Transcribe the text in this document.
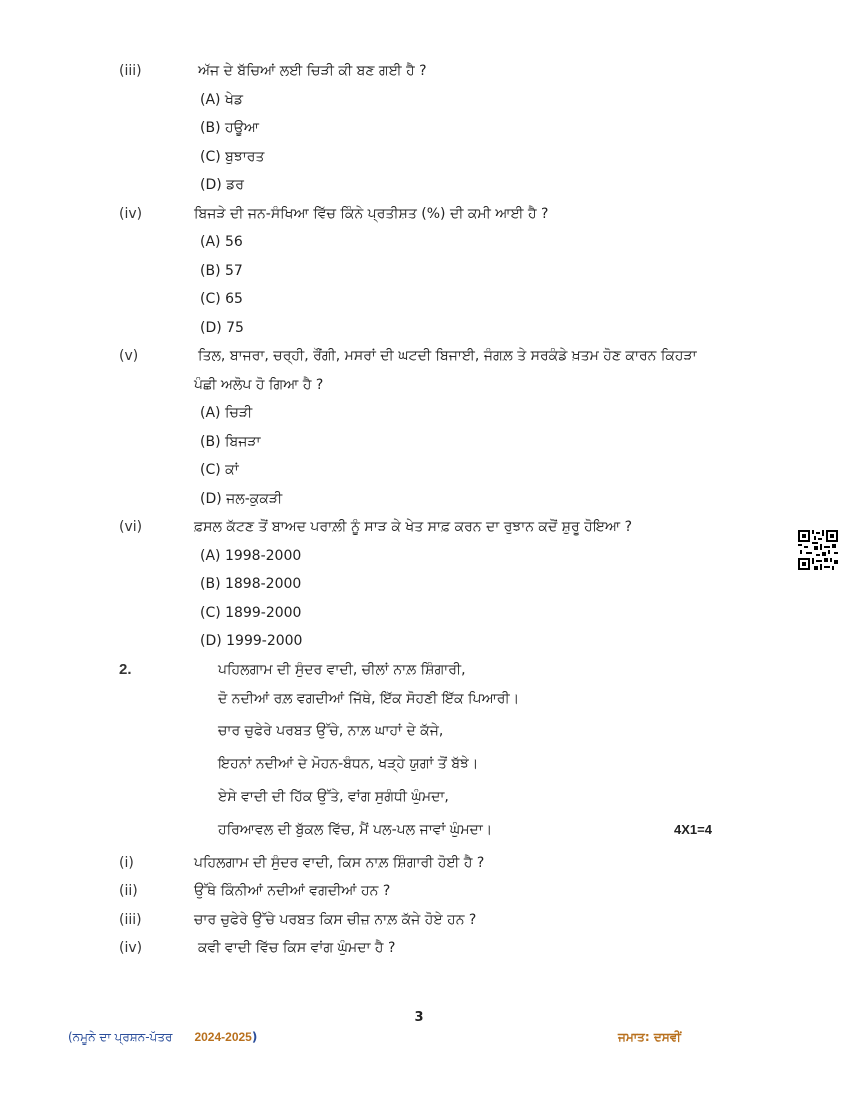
(iii)	ਅੱਜ ਦੇ ਬੱਚਿਆਂ ਲਈ ਚਿੜੀ ਕੀ ਬਣ ਗਈ ਹੈ ?
(A) ਖੇਡ
(B) ਹਊਆ
(C) ਬੁਝਾਰਤ
(D) ਡਰ
(iv)	ਬਿਜੜੇ ਦੀ ਜਨ-ਸੰਖਿਆ ਵਿੱਚ ਕਿੰਨੇ ਪ੍ਰਤੀਸ਼ਤ (%) ਦੀ ਕਮੀ ਆਈ ਹੈ ?
(A) 56
(B) 57
(C) 65
(D) 75
(v)	ਤਿਲ, ਬਾਜਰਾ, ਚਰ੍ਹੀ, ਰੌਂਗੀ, ਮਸਰਾਂ ਦੀ ਘਟਦੀ ਬਿਜਾਈ, ਜੰਗਲ਼ ਤੇ ਸਰਕੰਡੇ ਖ਼ਤਮ ਹੋਣ ਕਾਰਨ ਕਿਹੜਾ
ਪੰਛੀ ਅਲੋਪ ਹੋ ਗਿਆ ਹੈ ?
(A) ਚਿੜੀ
(B) ਬਿਜੜਾ
(C) ਕਾਂ
(D) ਜਲ-ਕੁਕੜੀ
(vi)	ਫ਼ਸਲ ਕੱਟਣ ਤੋਂ ਬਾਅਦ ਪਰਾਲ਼ੀ ਨੂੰ ਸਾੜ ਕੇ ਖੇਤ ਸਾਫ਼ ਕਰਨ ਦਾ ਰੁਝਾਨ ਕਦੋਂ ਸ਼ੁਰੂ ਹੋਇਆ ?
(A) 1998-2000
(B) 1898-2000
(C) 1899-2000
(D) 1999-2000
2.	ਪਹਿਲਗਾਮ ਦੀ ਸੁੰਦਰ ਵਾਦੀ, ਚੀਲਾਂ ਨਾਲ਼ ਸ਼ਿੰਗਾਰੀ,
ਦੋ ਨਦੀਆਂ ਰਲ਼ ਵਗਦੀਆਂ ਜਿੱਥੇ, ਇੱਕ ਸੋਹਣੀ ਇੱਕ ਪਿਆਰੀ।
ਚਾਰ ਚੁਫੇਰੇ ਪਰਬਤ ਉੱਚੇ, ਨਾਲ਼ ਘਾਹਾਂ ਦੇ ਕੱਜੇ,
ਇਹਨਾਂ ਨਦੀਆਂ ਦੇ ਮੋਹਨ-ਬੰਧਨ, ਖੜ੍ਹੇ ਯੁਗਾਂ ਤੋਂ ਬੱਝੇ।
ਏਸੇ ਵਾਦੀ ਦੀ ਹਿੱਕ ਉੱਤੇ, ਵਾਂਗ ਸੁਗੰਧੀ ਘੁੰਮਦਾ,
ਹਰਿਆਵਲ ਦੀ ਬੁੱਕਲ ਵਿੱਚ, ਮੈਂ ਪਲ-ਪਲ ਜਾਵਾਂ ਘੁੰਮਦਾ।	4X1=4
(i)	ਪਹਿਲਗਾਮ ਦੀ ਸੁੰਦਰ ਵਾਦੀ, ਕਿਸ ਨਾਲ਼ ਸ਼ਿੰਗਾਰੀ ਹੋਈ ਹੈ ?
(ii)	ਉੱਥੇ ਕਿੰਨੀਆਂ ਨਦੀਆਂ ਵਗਦੀਆਂ ਹਨ ?
(iii)	ਚਾਰ ਚੁਫੇਰੇ ਉੱਚੇ ਪਰਬਤ ਕਿਸ ਚੀਜ਼ ਨਾਲ਼ ਕੱਜੇ ਹੋਏ ਹਨ ?
(iv)	ਕਵੀ ਵਾਦੀ ਵਿੱਚ ਕਿਸ ਵਾਂਗ ਘੁੰਮਦਾ ਹੈ ?
3
(ਨਮੂਨੇ ਦਾ ਪ੍ਰਸ਼ਨ-ਪੱਤਰ 2024-2025)	ਜਮਾਤ: ਦਸਵੀਂ
